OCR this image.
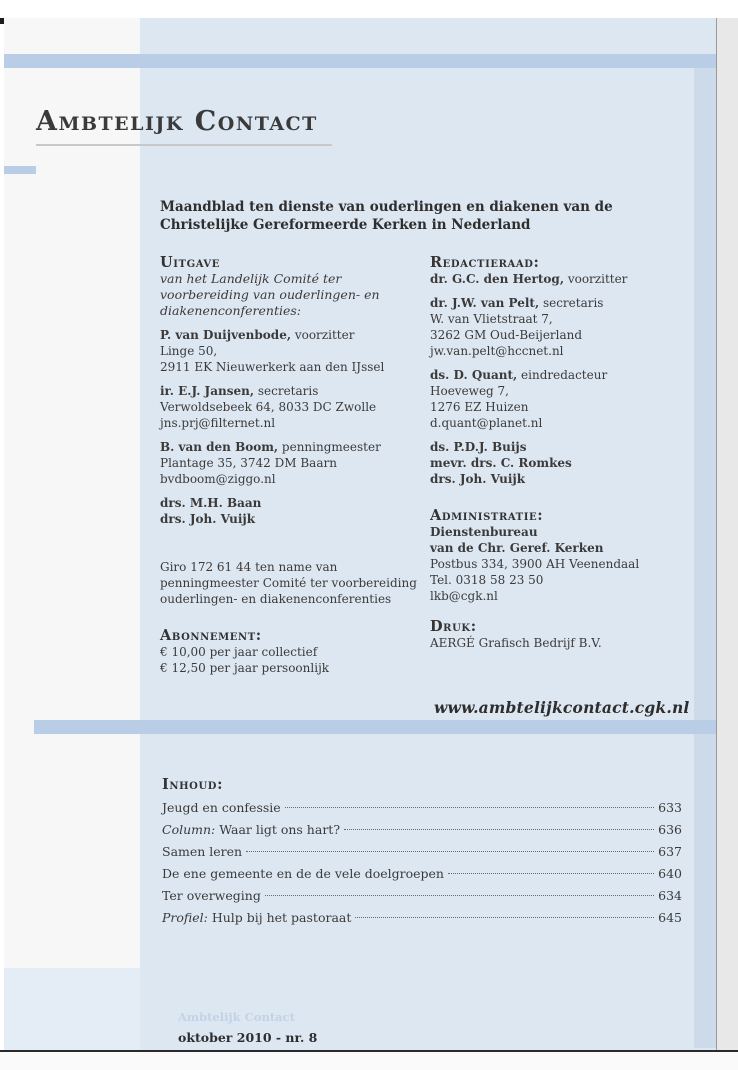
Ambtelijk Contact

Maandblad ten dienste van ouderlingen en diakenen van de Christelijke Gereformeerde Kerken in Nederland

Uitgave

van het Landelijk Comité ter voorbereiding van ouderlingen- en diakenenconferenties:

P. van Duijvenbode, voorzitter

Linge 50,

2911 EK Nieuwerkerk aan den IJssel

ir. E.J. Jansen, secretaris

Verwoldsebeek 64, 8033 DC Zwolle

jns.prj@filternet.nl

B. van den Boom, penningmeester

Plantage 35, 3742 DM Baarn

bvdboom@ziggo.nl

drs. M.H. Baan

drs. Joh. Vuijk

Giro 172 61 44 ten name van penningmeester Comité ter voorbereiding ouderlingen- en diakenenconferenties

Abonnement:

€ 10,00 per jaar collectief

€ 12,50 per jaar persoonlijk

Redactieraad:

dr. G.C. den Hertog, voorzitter

dr. J.W. van Pelt, secretaris

W. van Vlietstraat 7,

3262 GM Oud-Beijerland

jw.van.pelt@hccnet.nl

ds. D. Quant, eindredacteur

Hoeveweg 7,

1276 EZ Huizen

d.quant@planet.nl

ds. P.D.J. Buijs

mevr. drs. C. Romkes

drs. Joh. Vuijk

Administratie:

Dienstenbureau

van de Chr. Geref. Kerken

Postbus 334, 3900 AH Veenendaal

Tel. 0318 58 23 50

lkb@cgk.nl

Druk:

AERGÉ Grafisch Bedrijf B.V.

www.ambtelijkcontact.cgk.nl

Inhoud:

Jeugd en confessie	633
Column: Waar ligt ons hart?	636
Samen leren	637
De ene gemeente en de de vele doelgroepen	640
Ter overweging	634
Profiel: Hulp bij het pastoraat	645
Ambtelijk Contact
oktober 2010 - nr. 8
